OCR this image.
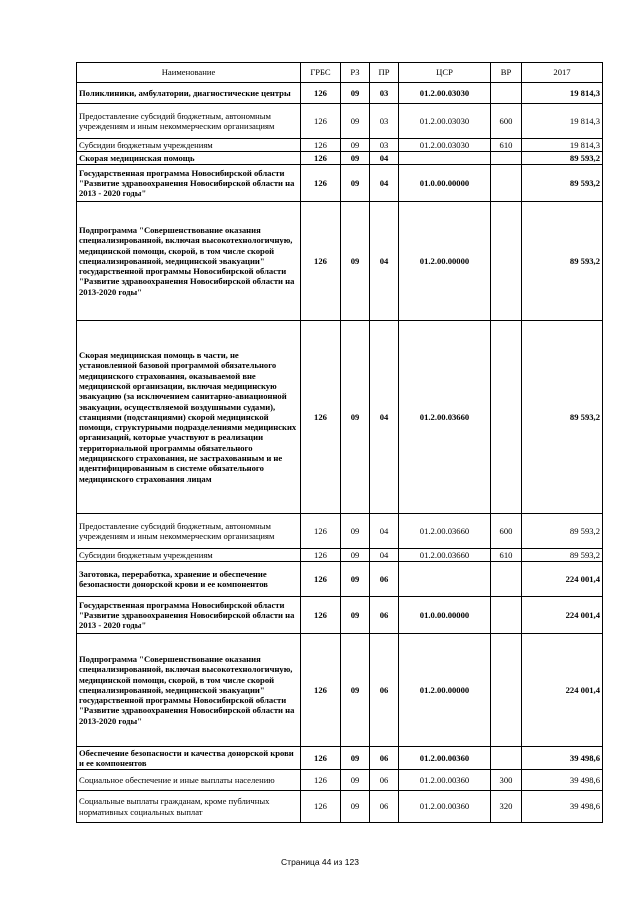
Наименование	ГРБС	РЗ	ПР	ЦСР	ВР	2017
Поликлиники, амбулатории, диагностические центры	126	09	03	01.2.00.03030		19 814,3
Предоставление субсидий бюджетным, автономным учреждениям и иным некоммерческим организациям	126	09	03	01.2.00.03030	600	19 814,3
Субсидии бюджетным учреждениям	126	09	03	01.2.00.03030	610	19 814,3
Скорая медицинская помощь	126	09	04			89 593,2
Государственная программа Новосибирской области "Развитие здравоохранения Новосибирской области на 2013 - 2020 годы"	126	09	04	01.0.00.00000		89 593,2
Подпрограмма "Совершенствование оказания специализированной, включая высокотехнологичную, медицинской помощи, скорой, в том числе скорой специализированной, медицинской эвакуации" государственной программы Новосибирской области "Развитие здравоохранения Новосибирской области на 2013-2020 годы"	126	09	04	01.2.00.00000		89 593,2
Скорая медицинская помощь в части, не установленной базовой программой обязательного медицинского страхования, оказываемой вне медицинской организации, включая медицинскую эвакуацию (за исключением санитарно-авиационной эвакуации, осуществляемой воздушными судами), станциями (подстанциями) скорой медицинской помощи, структурными подразделениями медицинских организаций, которые участвуют в реализации территориальной программы обязательного медицинского страхования, не застрахованным и не идентифицированным в системе обязательного медицинского страхования лицам	126	09	04	01.2.00.03660		89 593,2
Предоставление субсидий бюджетным, автономным учреждениям и иным некоммерческим организациям	126	09	04	01.2.00.03660	600	89 593,2
Субсидии бюджетным учреждениям	126	09	04	01.2.00.03660	610	89 593,2
Заготовка, переработка, хранение и обеспечение безопасности донорской крови и ее компонентов	126	09	06			224 001,4
Государственная программа Новосибирской области "Развитие здравоохранения Новосибирской области на 2013 - 2020 годы"	126	09	06	01.0.00.00000		224 001,4
Подпрограмма "Совершенствование оказания специализированной, включая высокотехнологичную, медицинской помощи, скорой, в том числе скорой специализированной, медицинской эвакуации" государственной программы Новосибирской области "Развитие здравоохранения Новосибирской области на 2013-2020 годы"	126	09	06	01.2.00.00000		224 001,4
Обеспечение безопасности и качества донорской крови и ее компонентов	126	09	06	01.2.00.00360		39 498,6
Социальное обеспечение и иные выплаты населению	126	09	06	01.2.00.00360	300	39 498,6
Социальные выплаты гражданам, кроме публичных нормативных социальных выплат	126	09	06	01.2.00.00360	320	39 498,6
Страница 44 из 123
